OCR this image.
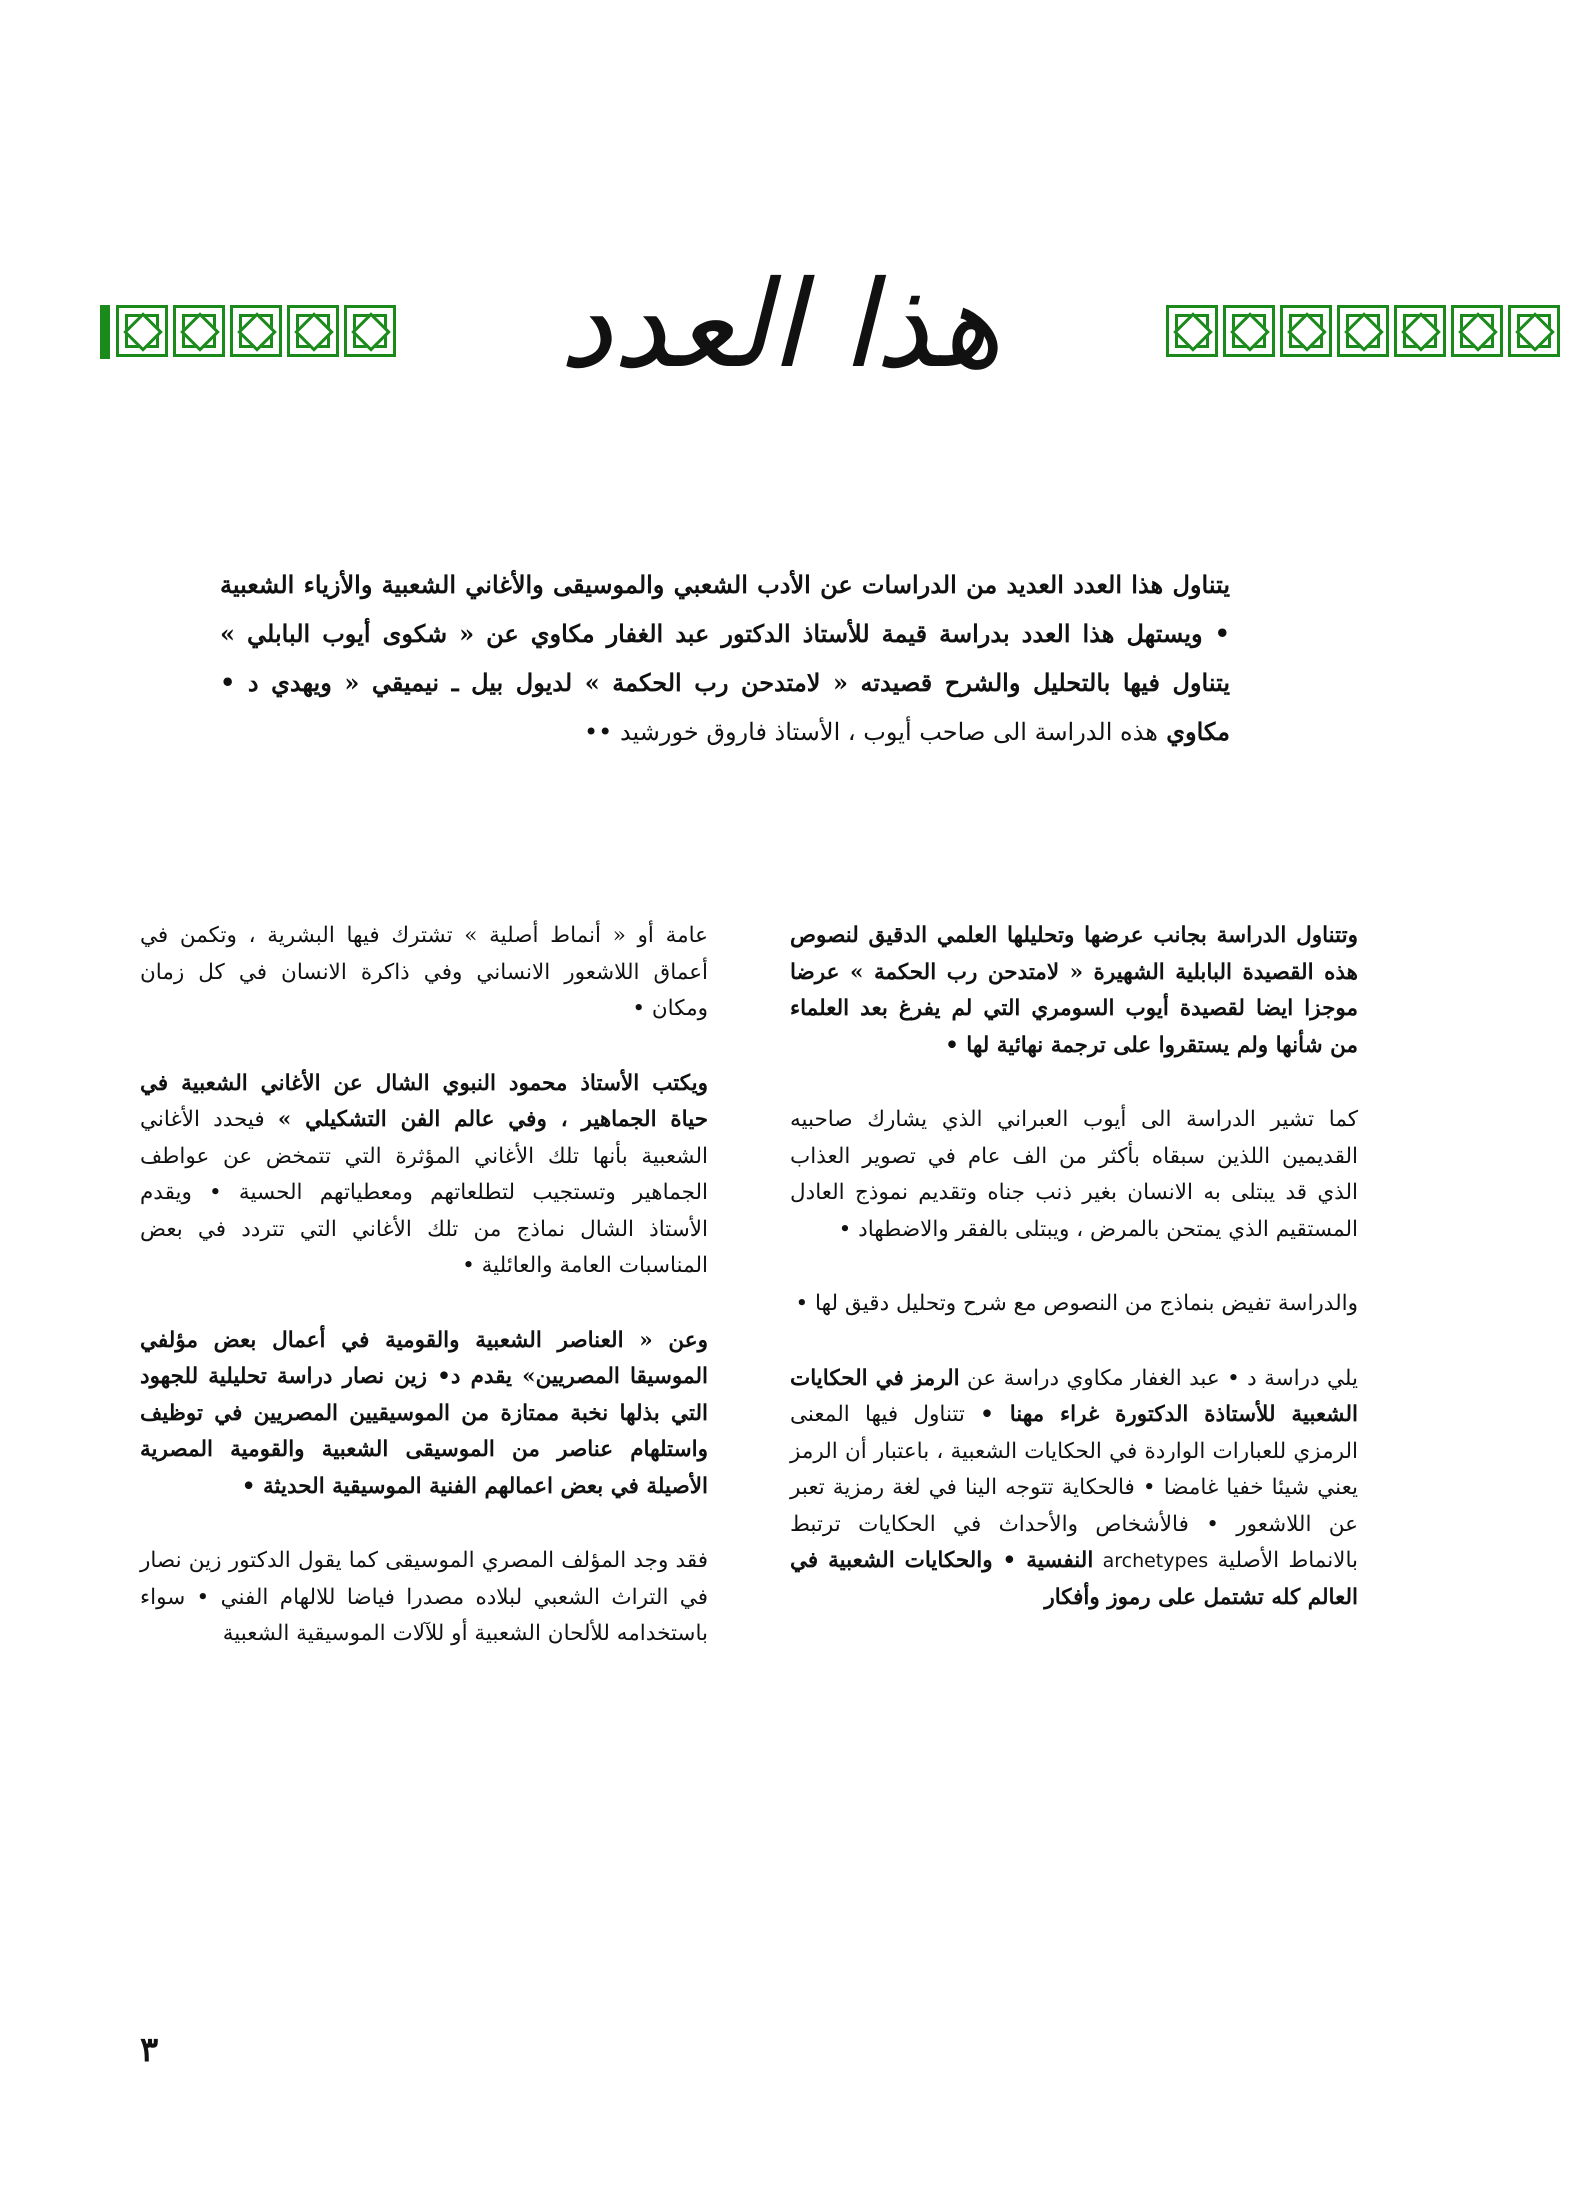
هذا العدد
يتناول هذا العدد العديد من الدراسات عن الأدب الشعبي والموسيقى والأغاني الشعبية والأزياء الشعبية • ويستهل هذا العدد بدراسة قيمة للأستاذ الدكتور عبد الغفار مكاوي عن « شكوى أيوب البابلي » يتناول فيها بالتحليل والشرح قصيدته « لامتدحن رب الحكمة » لديول بيل ـ نيميقي « ويهدي د • مكاوي هذه الدراسة الى صاحب أيوب ، الأستاذ فاروق خورشيد ••

وتتناول الدراسة بجانب عرضها وتحليلها العلمي الدقيق لنصوص هذه القصيدة البابلية الشهيرة « لامتدحن رب الحكمة » عرضا موجزا ايضا لقصيدة أيوب السومري التي لم يفرغ بعد العلماء من شأنها ولم يستقروا على ترجمة نهائية لها •

كما تشير الدراسة الى أيوب العبراني الذي يشارك صاحبيه القديمين اللذين سبقاه بأكثر من الف عام في تصوير العذاب الذي قد يبتلى به الانسان بغير ذنب جناه وتقديم نموذج العادل المستقيم الذي يمتحن بالمرض ، ويبتلى بالفقر والاضطهاد •

والدراسة تفيض بنماذج من النصوص مع شرح وتحليل دقيق لها •

يلي دراسة د • عبد الغفار مكاوي دراسة عن الرمز في الحكايات الشعبية للأستاذة الدكتورة غراء مهنا • تتناول فيها المعنى الرمزي للعبارات الواردة في الحكايات الشعبية ، باعتبار أن الرمز يعني شيئا خفيا غامضا • فالحكاية تتوجه الينا في لغة رمزية تعبر عن اللاشعور • فالأشخاص والأحداث في الحكايات ترتبط بالانماط الأصلية archetypes النفسية • والحكايات الشعبية في العالم كله تشتمل على رموز وأفكار

عامة أو « أنماط أصلية » تشترك فيها البشرية ، وتكمن في أعماق اللاشعور الانساني وفي ذاكرة الانسان في كل زمان ومكان •

ويكتب الأستاذ محمود النبوي الشال عن الأغاني الشعبية في حياة الجماهير ، وفي عالم الفن التشكيلي » فيحدد الأغاني الشعبية بأنها تلك الأغاني المؤثرة التي تتمخض عن عواطف الجماهير وتستجيب لتطلعاتهم ومعطياتهم الحسية • ويقدم الأستاذ الشال نماذج من تلك الأغاني التي تتردد في بعض المناسبات العامة والعائلية •

وعن « العناصر الشعبية والقومية في أعمال بعض مؤلفي الموسيقا المصريين» يقدم د• زين نصار دراسة تحليلية للجهود التي بذلها نخبة ممتازة من الموسيقيين المصريين في توظيف واستلهام عناصر من الموسيقى الشعبية والقومية المصرية الأصيلة في بعض اعمالهم الفنية الموسيقية الحديثة •

فقد وجد المؤلف المصري الموسيقى كما يقول الدكتور زين نصار في التراث الشعبي لبلاده مصدرا فياضا للالهام الفني • سواء باستخدامه للألحان الشعبية أو للآلات الموسيقية الشعبية

٣
